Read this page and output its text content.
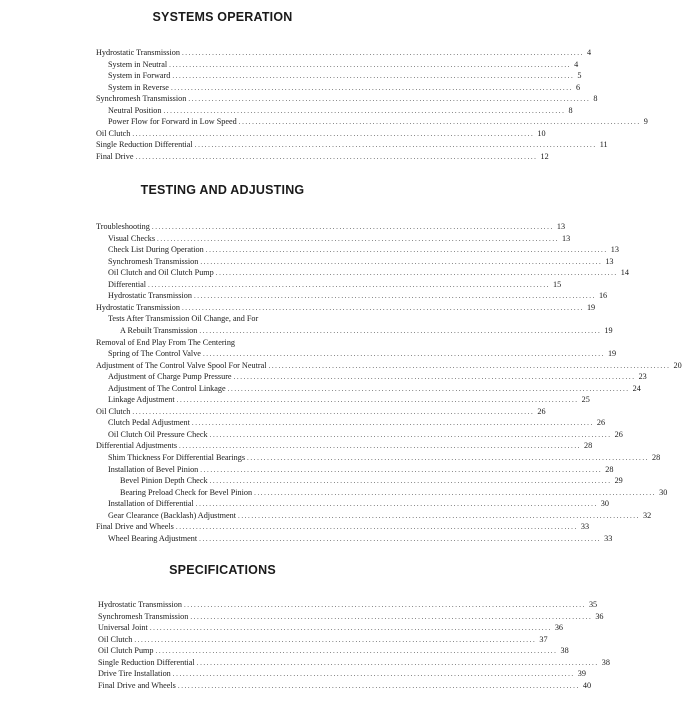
SYSTEMS OPERATION
TESTING AND ADJUSTING
SPECIFICATIONS
Hydrostatic Transmission ........................................................................................................................ 4
System in Neutral ........................................................................................................................ 4
System in Forward ........................................................................................................................ 5
System in Reverse ........................................................................................................................ 6
Synchromesh Transmission ........................................................................................................................ 8
Neutral Position ........................................................................................................................ 8
Power Flow for Forward in Low Speed ........................................................................................................................ 9
Oil Clutch ........................................................................................................................ 10
Single Reduction Differential ........................................................................................................................ 11
Final Drive ........................................................................................................................ 12
Troubleshooting ........................................................................................................................ 13
Visual Checks ........................................................................................................................ 13
Check List During Operation ........................................................................................................................ 13
Synchromesh Transmission ........................................................................................................................ 13
Oil Clutch and Oil Clutch Pump ........................................................................................................................ 14
Differential ........................................................................................................................ 15
Hydrostatic Transmission ........................................................................................................................ 16
Hydrostatic Transmission ........................................................................................................................ 19
Tests After Transmission Oil Change, and For
A Rebuilt Transmission ........................................................................................................................ 19
Removal of End Play From The Centering
Spring of The Control Valve ........................................................................................................................ 19
Adjustment of The Control Valve Spool For Neutral ........................................................................................................................ 20
Adjustment of Charge Pump Pressure ........................................................................................................................ 23
Adjustment of The Control Linkage ........................................................................................................................ 24
Linkage Adjustment ........................................................................................................................ 25
Oil Clutch ........................................................................................................................ 26
Clutch Pedal Adjustment ........................................................................................................................ 26
Oil Clutch Oil Pressure Check ........................................................................................................................ 26
Differential Adjustments ........................................................................................................................ 28
Shim Thickness For Differential Bearings ........................................................................................................................ 28
Installation of Bevel Pinion ........................................................................................................................ 28
Bevel Pinion Depth Check ........................................................................................................................ 29
Bearing Preload Check for Bevel Pinion ........................................................................................................................ 30
Installation of Differential ........................................................................................................................ 30
Gear Clearance (Backlash) Adjustment ........................................................................................................................ 32
Final Drive and Wheels ........................................................................................................................ 33
Wheel Bearing Adjustment ........................................................................................................................ 33
Hydrostatic Transmission ........................................................................................................................ 35
Synchromesh Transmission ........................................................................................................................ 36
Universal Joint ........................................................................................................................ 36
Oil Clutch ........................................................................................................................ 37
Oil Clutch Pump ........................................................................................................................ 38
Single Reduction Differential ........................................................................................................................ 38
Drive Tire Installation ........................................................................................................................ 39
Final Drive and Wheels ........................................................................................................................ 40
